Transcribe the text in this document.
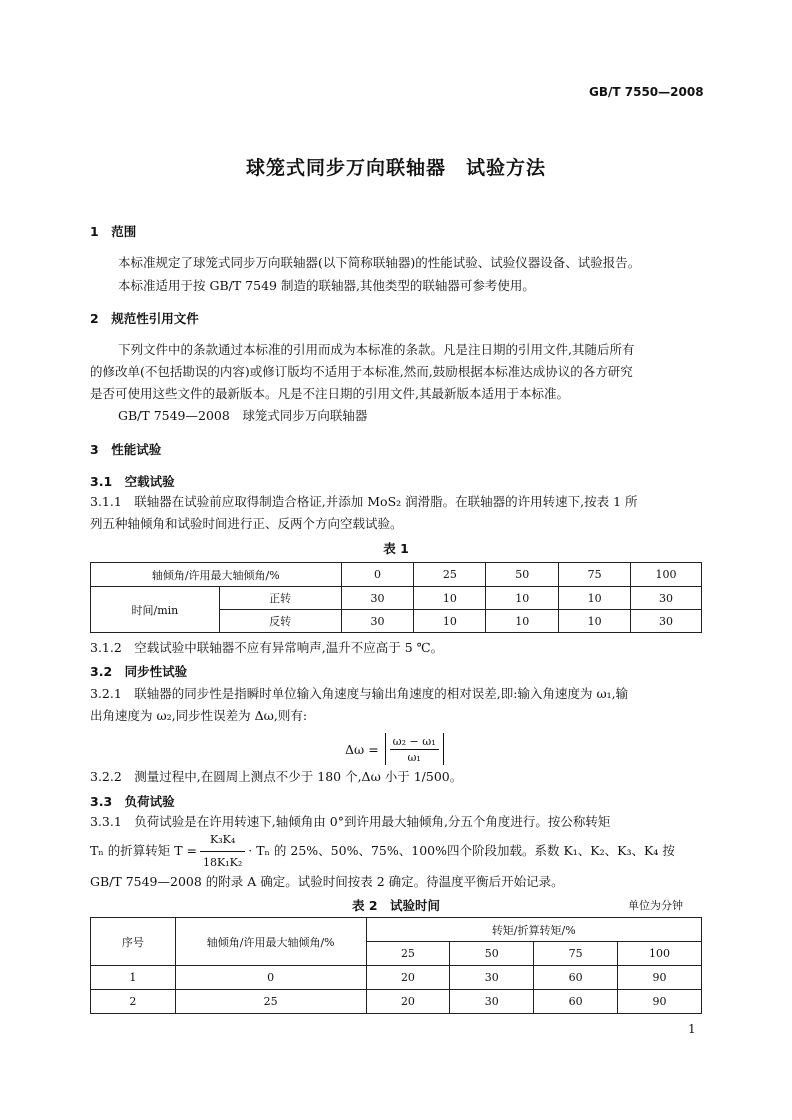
GB/T 7550—2008
球笼式同步万向联轴器　试验方法
1　范围
本标准规定了球笼式同步万向联轴器(以下简称联轴器)的性能试验、试验仪器设备、试验报告。
本标准适用于按 GB/T 7549 制造的联轴器,其他类型的联轴器可参考使用。
2　规范性引用文件
下列文件中的条款通过本标准的引用而成为本标准的条款。凡是注日期的引用文件,其随后所有
的修改单(不包括勘误的内容)或修订版均不适用于本标准,然而,鼓励根据本标准达成协议的各方研究
是否可使用这些文件的最新版本。凡是不注日期的引用文件,其最新版本适用于本标准。
GB/T 7549—2008　球笼式同步万向联轴器
3　性能试验
3.1　空载试验
3.1.1　联轴器在试验前应取得制造合格证,并添加 MoS₂ 润滑脂。在联轴器的许用转速下,按表 1 所
列五种轴倾角和试验时间进行正、反两个方向空载试验。
表 1
轴倾角/许用最大轴倾角/%		0	25	50	75	100
时间/min	正转	30	10	10	10	30
	反转	30	10	10	10	30
3.1.2　空载试验中联轴器不应有异常响声,温升不应高于 5 ℃。
3.2　同步性试验
3.2.1　联轴器的同步性是指瞬时单位输入角速度与输出角速度的相对误差,即:输入角速度为 ω₁,输
出角速度为 ω₂,同步性误差为 Δω,则有:
$\Delta\omega = \frac{\text{ω₂ − ω₁}}{\text{ω₁}}$
3.2.2　测量过程中,在圆周上测点不少于 180 个,Δω 小于 1/500。
3.3　负荷试验
3.3.1　负荷试验是在许用转速下,轴倾角由 0°到许用最大轴倾角,分五个角度进行。按公称转矩
Tₙ 的折算转矩 $T = \frac{\text{K₃K₄}}{\text{18K₁K₂}} \cdot T_n$ 的 25%、50%、75%、100%四个阶段加载。系数 K₁、K₂、K₃、K₄ 按
GB/T 7549—2008 的附录 A 确定。试验时间按表 2 确定。待温度平衡后开始记录。
表 2　试验时间	单位为分钟
序号	轴倾角/许用最大轴倾角/%	转矩/折算转矩/%			
		25	50	75	100
1	0	20	30	60	90
2	25	20	30	60	90
1
